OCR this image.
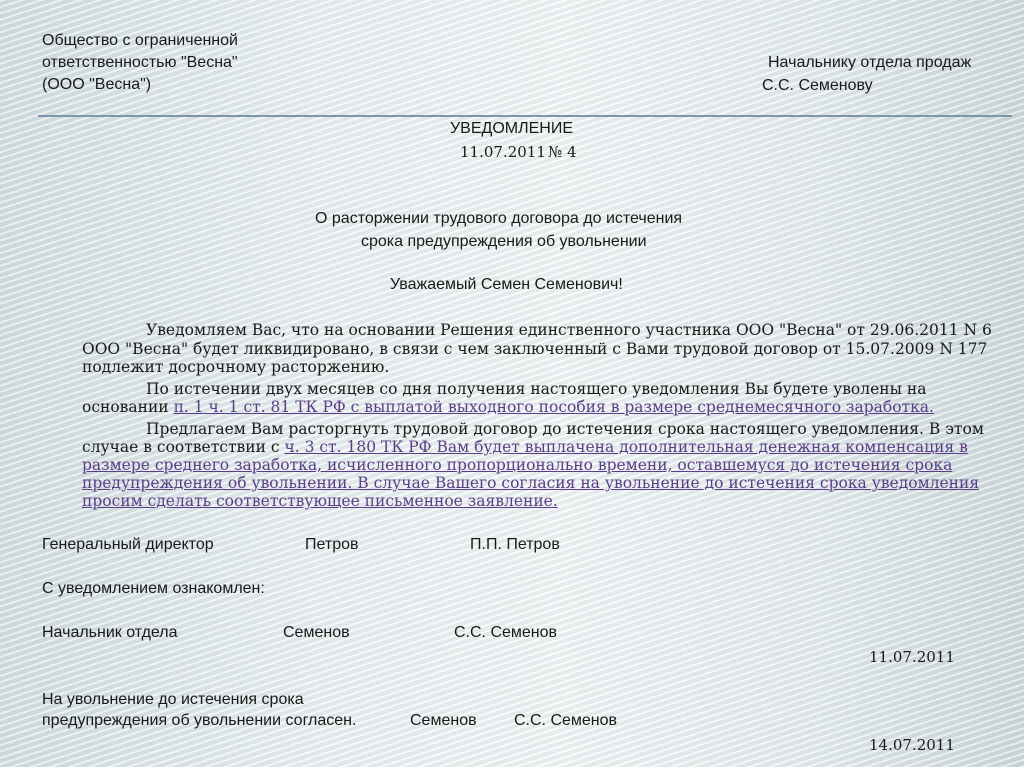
Общество с ограниченной
ответственностью "Весна"
(ООО "Весна")
Начальнику отдела продаж
С.С. Семенову
УВЕДОМЛЕНИЕ
11.07.2011 № 4
О расторжении трудового договора до истечения
срока предупреждения об увольнении
Уважаемый Семен Семенович!
Уведомляем Вас, что на основании Решения единственного участника ООО "Весна" от 29.06.2011 N 6
ООО "Весна" будет ликвидировано, в связи с чем заключенный с Вами трудовой договор от 15.07.2009 N 177
подлежит досрочному расторжению.
По истечении двух месяцев со дня получения настоящего уведомления Вы будете уволены на
основании п. 1 ч. 1 ст. 81 ТК РФ с выплатой выходного пособия в размере среднемесячного заработка.
Предлагаем Вам расторгнуть трудовой договор до истечения срока настоящего уведомления. В этом
случае в соответствии с ч. 3 ст. 180 ТК РФ Вам будет выплачена дополнительная денежная компенсация в
размере среднего заработка, исчисленного пропорционально времени, оставшемуся до истечения срока
предупреждения об увольнении. В случае Вашего согласия на увольнение до истечения срока уведомления
просим сделать соответствующее письменное заявление.
Генеральный директор	Петров	П.П. Петров
С уведомлением ознакомлен:
Начальник отдела	Семенов	С.С. Семенов
11.07.2011
На увольнение до истечения срока
предупреждения об увольнении согласен.	Семенов С.С. Семенов
14.07.2011
